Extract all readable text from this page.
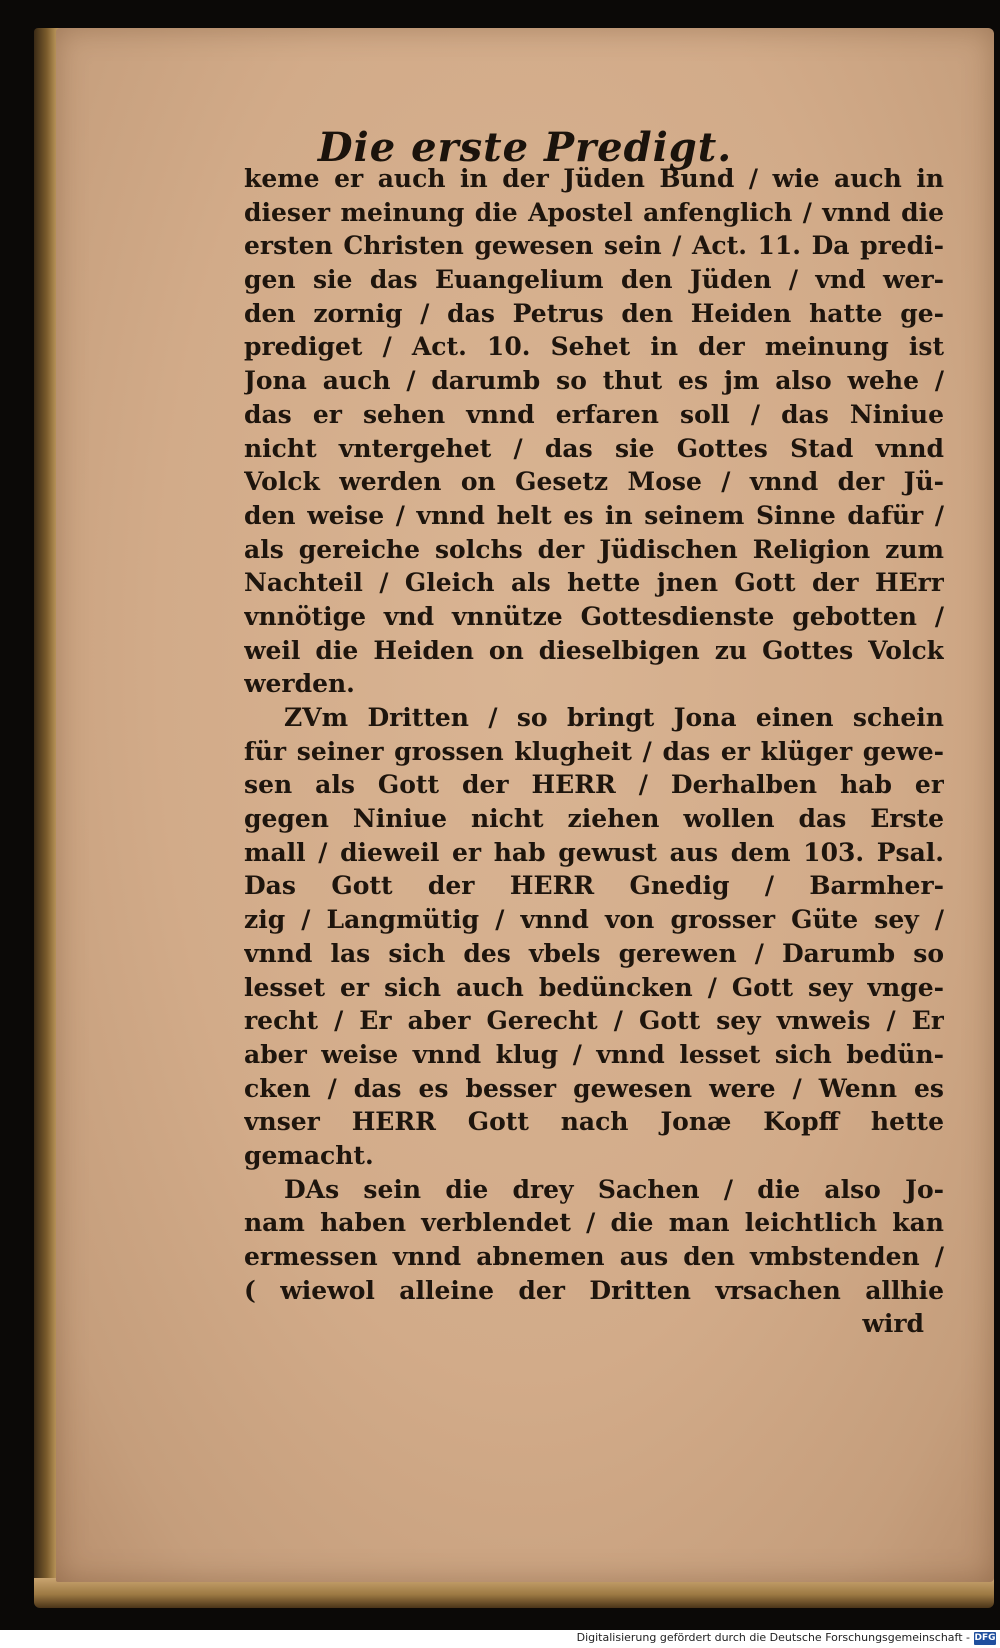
Die erste Predigt.
keme er auch in der Jüden Bund / wie auch in
dieser meinung die Apostel anfenglich / vnnd die
ersten Christen gewesen sein / Act. 11. Da predi-
gen sie das Euangelium den Jüden / vnd wer-
den zornig / das Petrus den Heiden hatte ge-
prediget / Act. 10. Sehet in der meinung ist
Jona auch / darumb so thut es jm also wehe /
das er sehen vnnd erfaren soll / das Niniue
nicht vntergehet / das sie Gottes Stad vnnd
Volck werden on Gesetz Mose / vnnd der Jü-
den weise / vnnd helt es in seinem Sinne dafür /
als gereiche solchs der Jüdischen Religion zum
Nachteil / Gleich als hette jnen Gott der HErr
vnnötige vnd vnnütze Gottesdienste gebotten /
weil die Heiden on dieselbigen zu Gottes Volck
werden.
ZVm Dritten / so bringt Jona einen schein
für seiner grossen klugheit / das er klüger gewe-
sen als Gott der HERR / Derhalben hab er
gegen Niniue nicht ziehen wollen das Erste
mall / dieweil er hab gewust aus dem 103. Psal.
Das Gott der HERR Gnedig / Barmher-
zig / Langmütig / vnnd von grosser Güte sey /
vnnd las sich des vbels gerewen / Darumb so
lesset er sich auch bedüncken / Gott sey vnge-
recht / Er aber Gerecht / Gott sey vnweis / Er
aber weise vnnd klug / vnnd lesset sich bedün-
cken / das es besser gewesen were / Wenn es
vnser HERR Gott nach Jonæ Kopff hette
gemacht.
DAs sein die drey Sachen / die also Jo-
nam haben verblendet / die man leichtlich kan
ermessen vnnd abnemen aus den vmbstenden /
( wiewol alleine der Dritten vrsachen allhie
wird
Digitalisierung gefördert durch die Deutsche Forschungsgemeinschaft - DFG
